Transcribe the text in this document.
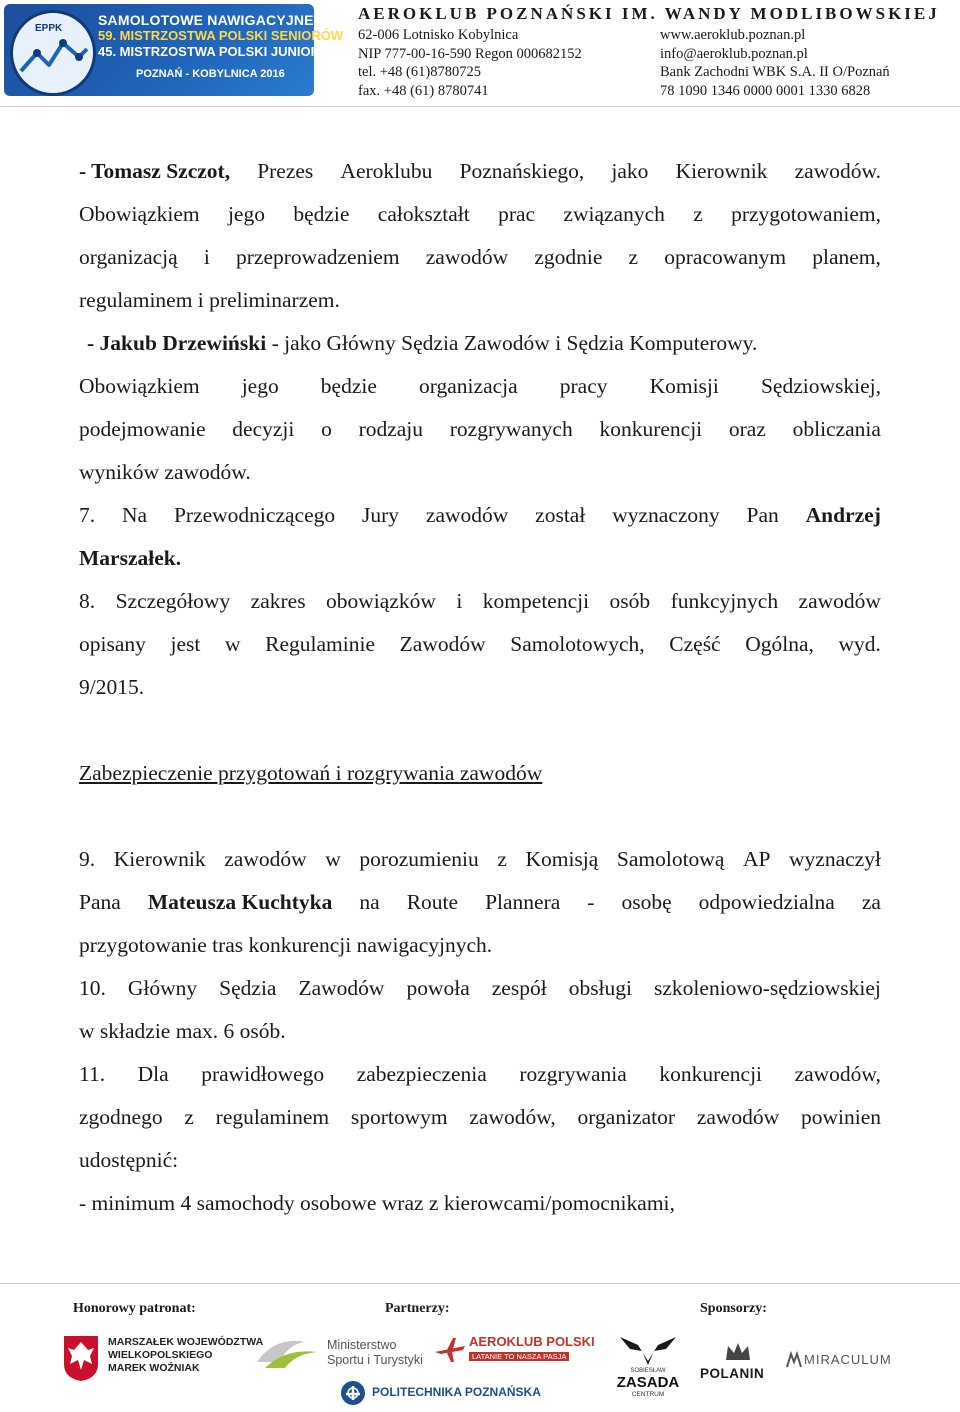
EPPK
SAMOLOTOWE NAWIGACYJNE
59. MISTRZOSTWA POLSKI SENIORÓW
45. MISTRZOSTWA POLSKI JUNIORÓW
POZNAŃ - KOBYLNICA 2016
AEROKLUB POZNAŃSKI IM. WANDY MODLIBOWSKIEJ
62-006 Lotnisko Kobylnica	www.aeroklub.poznan.pl
NIP 777-00-16-590 Regon 000682152	info@aeroklub.poznan.pl
tel. +48 (61)8780725	Bank Zachodni WBK S.A. II O/Poznań
fax. +48 (61) 8780741	78 1090 1346 0000 0001 1330 6828
- Tomasz Szczot, Prezes Aeroklubu Poznańskiego, jako Kierownik zawodów.
Obowiązkiem jego będzie całokształt prac związanych z przygotowaniem,
organizacją i przeprowadzeniem zawodów zgodnie z opracowanym planem,
regulaminem i preliminarzem.
- Jakub Drzewiński - jako Główny Sędzia Zawodów i Sędzia Komputerowy.
Obowiązkiem jego będzie organizacja pracy Komisji Sędziowskiej,
podejmowanie decyzji o rodzaju rozgrywanych konkurencji oraz obliczania
wyników zawodów.
7. Na Przewodniczącego Jury zawodów został wyznaczony Pan Andrzej
Marszałek.
8. Szczegółowy zakres obowiązków i kompetencji osób funkcyjnych zawodów
opisany jest w Regulaminie Zawodów Samolotowych, Część Ogólna, wyd.
9/2015.
Zabezpieczenie przygotowań i rozgrywania zawodów
9. Kierownik zawodów w porozumieniu z Komisją Samolotową AP wyznaczył
Pana Mateusza Kuchtyka na Route Plannera - osobę odpowiedzialna za
przygotowanie tras konkurencji nawigacyjnych.
10. Główny Sędzia Zawodów powoła zespół obsługi szkoleniowo-sędziowskiej
w składzie max. 6 osób.
11. Dla prawidłowego zabezpieczenia rozgrywania konkurencji zawodów,
zgodnego z regulaminem sportowym zawodów, organizator zawodów powinien
udostępnić:
- minimum 4 samochody osobowe wraz z kierowcami/pomocnikami,
Honorowy patronat:	Partnerzy:	Sponsorzy:
MARSZAŁEK WOJEWÓDZTWA
WIELKOPOLSKIEGO
MAREK WOŹNIAK
Ministerstwo
Sportu i Turystyki
AEROKLUB POLSKI
LATANIE TO NASZA PASJA
POLITECHNIKA POZNAŃSKA
SOBIESŁAW
ZASADA
CENTRUM
POLANIN
MIRACULUM
